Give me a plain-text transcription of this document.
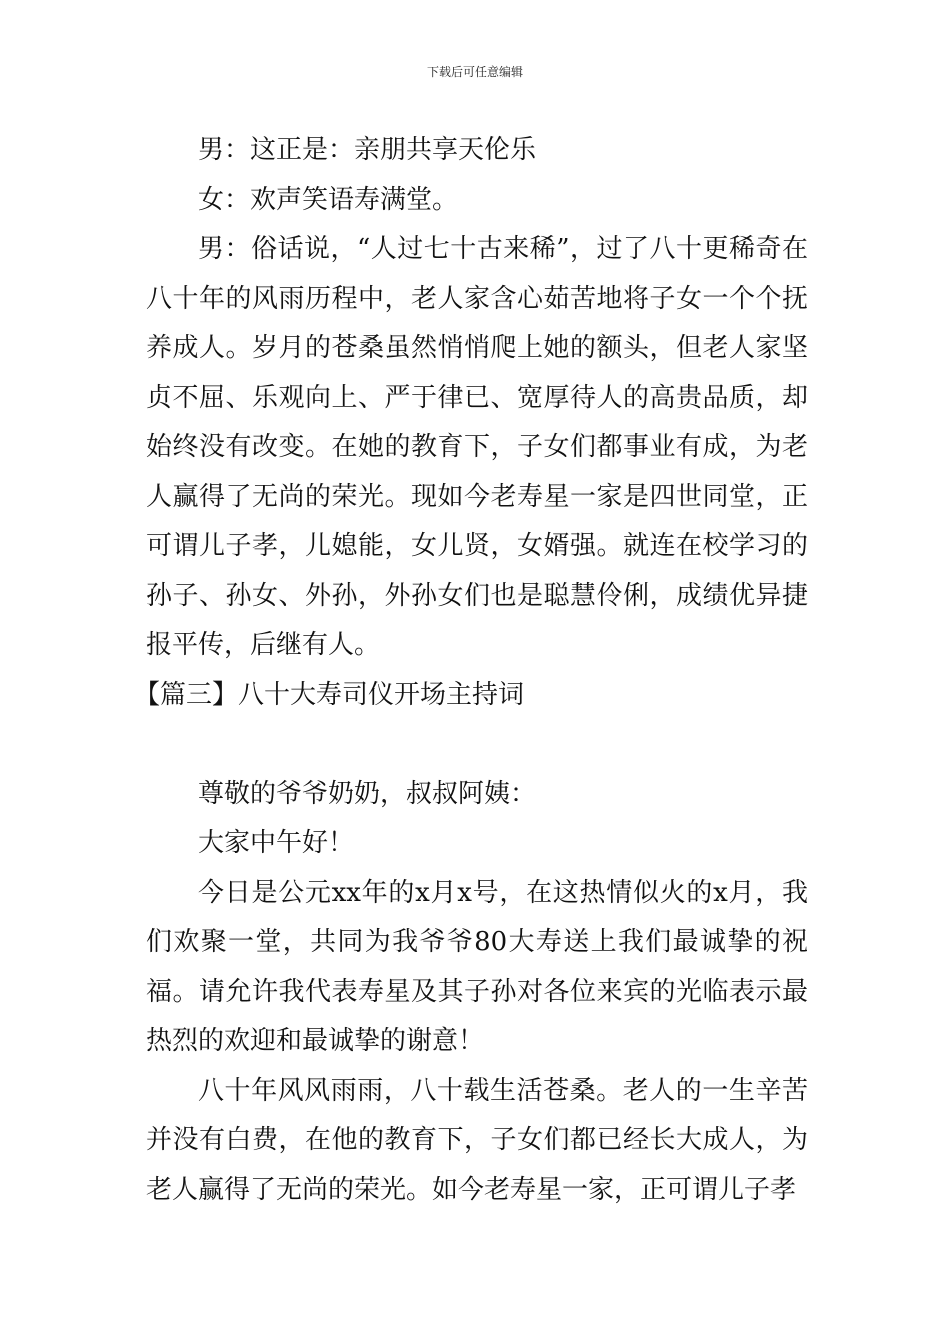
下载后可任意编辑

男：这正是：亲朋共享天伦乐

女：欢声笑语寿满堂。

男：俗话说，“人过七十古来稀”，过了八十更稀奇在八十年的风雨历程中，老人家含心茹苦地将子女一个个抚养成人。岁月的苍桑虽然悄悄爬上她的额头，但老人家坚贞不屈、乐观向上、严于律已、宽厚待人的高贵品质，却始终没有改变。在她的教育下，子女们都事业有成，为老人赢得了无尚的荣光。现如今老寿星一家是四世同堂，正可谓儿子孝，儿媳能，女儿贤，女婿强。就连在校学习的孙子、孙女、外孙，外孙女们也是聪慧伶俐，成绩优异捷报平传，后继有人。

【篇三】八十大寿司仪开场主持词

尊敬的爷爷奶奶，叔叔阿姨：

大家中午好！

今日是公元xx年的x月x号，在这热情似火的x月，我们欢聚一堂，共同为我爷爷80大寿送上我们最诚挚的祝福。请允许我代表寿星及其子孙对各位来宾的光临表示最热烈的欢迎和最诚挚的谢意！

八十年风风雨雨，八十载生活苍桑。老人的一生辛苦并没有白费，在他的教育下，子女们都已经长大成人，为老人赢得了无尚的荣光。如今老寿星一家，正可谓儿子孝
